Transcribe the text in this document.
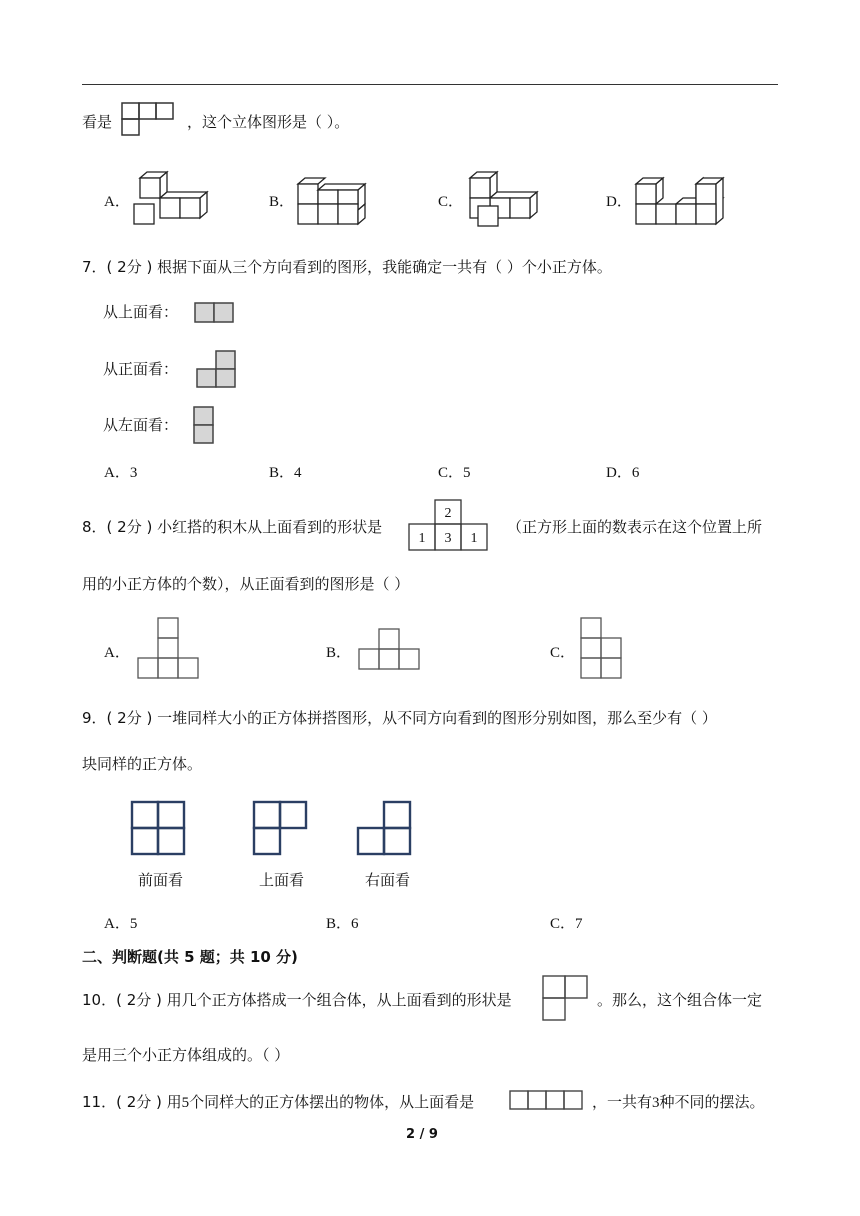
看是	，这个立体图形是（ ）。
A．	B．	C．	D．
7．( 2分 ) 根据下面从三个方向看到的图形，我能确定一共有（ ）个小正方体。
从上面看：
从正面看：
从左面看：
A．3	B．4	C．5	D．6
8．( 2分 ) 小红搭的积木从上面看到的形状是
2
1 3 1
（正方形上面的数表示在这个位置上所
用的小正方体的个数），从正面看到的图形是（ ）
A．	B．	C．
9．( 2分 ) 一堆同样大小的正方体拼搭图形，从不同方向看到的图形分别如图，那么至少有（ ）
块同样的正方体。
前面看	上面看	右面看
A．5	B．6	C．7
二、判断题(共 5 题；共 10 分)
10．( 2分 ) 用几个正方体搭成一个组合体，从上面看到的形状是	。那么，这个组合体一定
是用三个小正方体组成的。（ ）
11．( 2分 ) 用5个同样大的正方体摆出的物体，从上面看是	，一共有3种不同的摆法。
2 / 9
